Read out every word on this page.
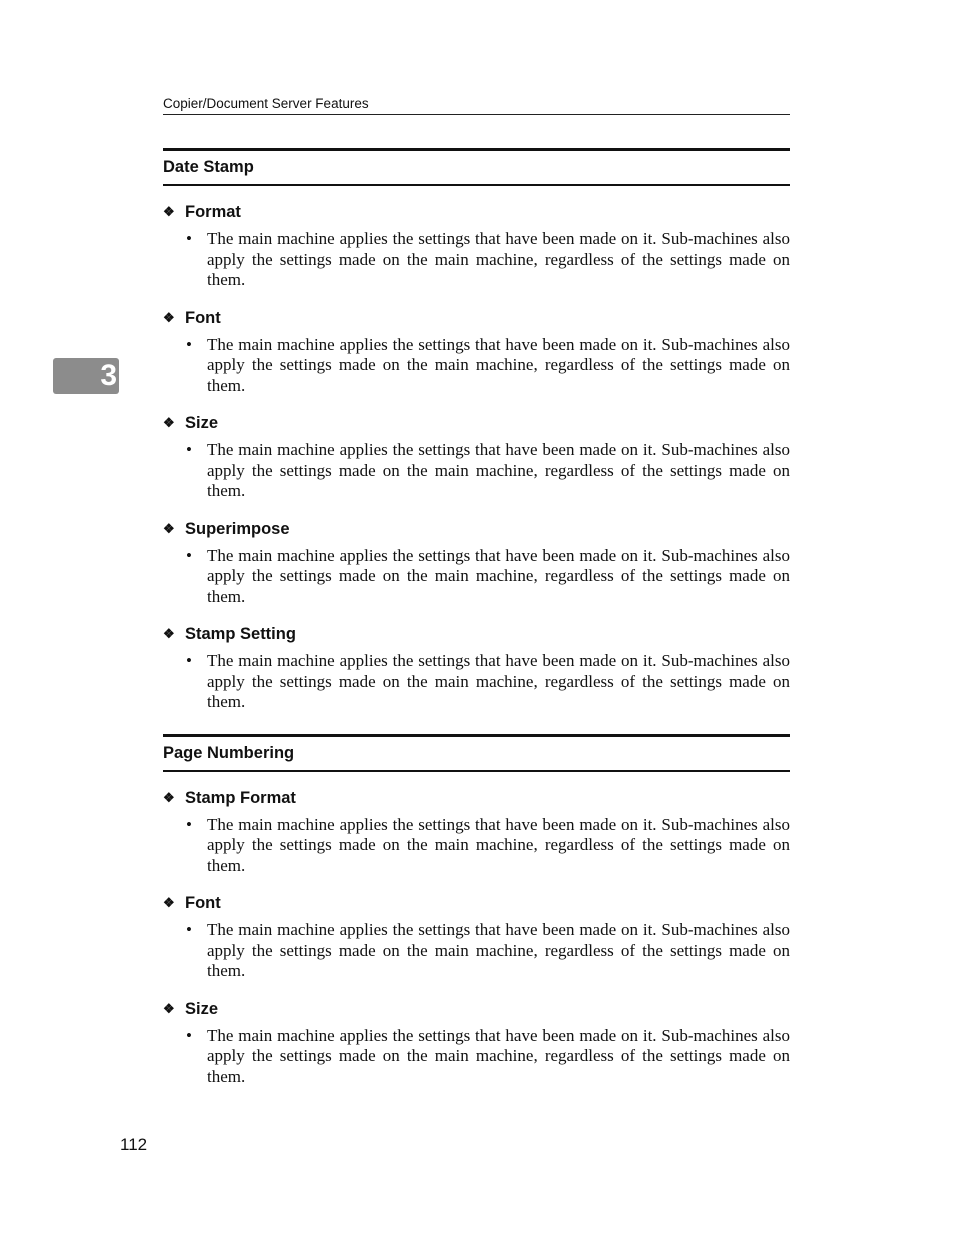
Copier/Document Server Features
3
Date Stamp
❖ Format
• The main machine applies the settings that have been made on it. Sub-machines also apply the settings made on the main machine, regardless of the settings made on them.
❖ Font
• The main machine applies the settings that have been made on it. Sub-machines also apply the settings made on the main machine, regardless of the settings made on them.
❖ Size
• The main machine applies the settings that have been made on it. Sub-machines also apply the settings made on the main machine, regardless of the settings made on them.
❖ Superimpose
• The main machine applies the settings that have been made on it. Sub-machines also apply the settings made on the main machine, regardless of the settings made on them.
❖ Stamp Setting
• The main machine applies the settings that have been made on it. Sub-machines also apply the settings made on the main machine, regardless of the settings made on them.
Page Numbering
❖ Stamp Format
• The main machine applies the settings that have been made on it. Sub-machines also apply the settings made on the main machine, regardless of the settings made on them.
❖ Font
• The main machine applies the settings that have been made on it. Sub-machines also apply the settings made on the main machine, regardless of the settings made on them.
❖ Size
• The main machine applies the settings that have been made on it. Sub-machines also apply the settings made on the main machine, regardless of the settings made on them.
112
